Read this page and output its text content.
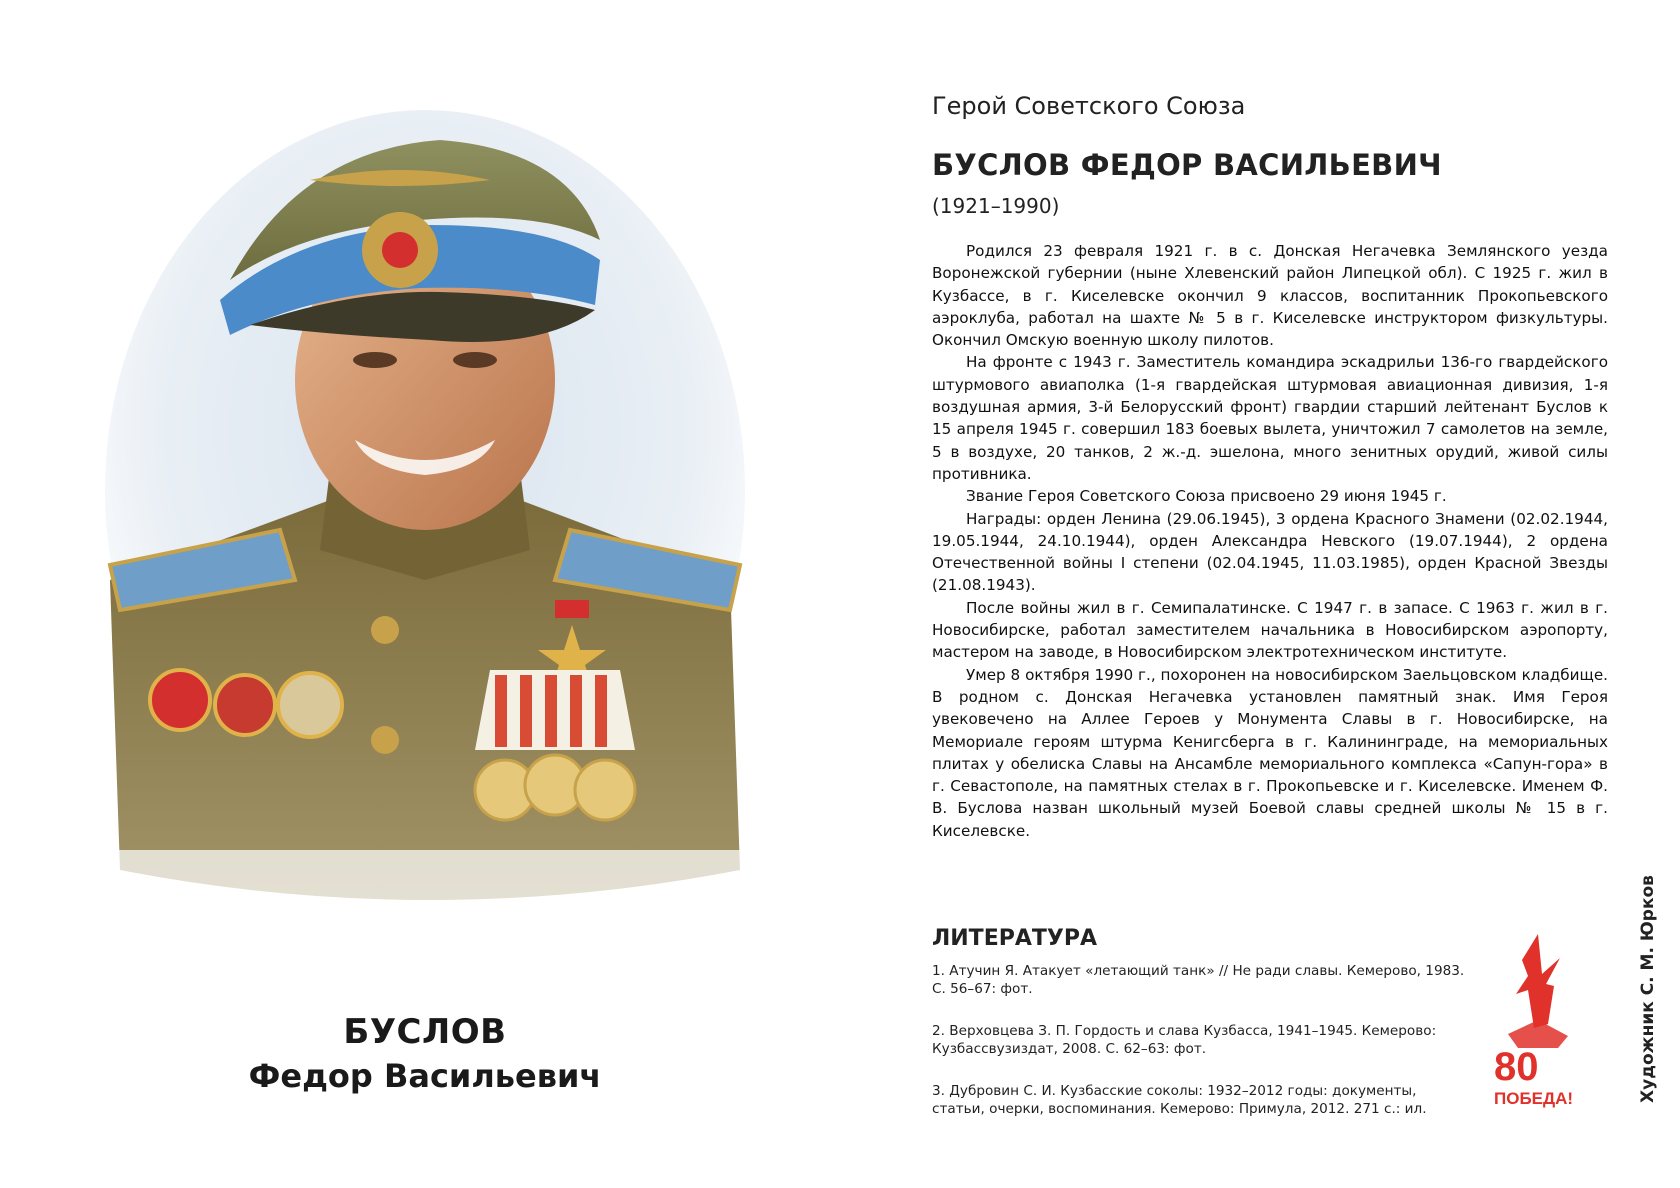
БУСЛОВ
Федор Васильевич
Герой Советского Союза
БУСЛОВ ФЕДОР ВАСИЛЬЕВИЧ
(1921–1990)

Родился 23 февраля 1921 г. в с. Донская Негачевка Землянского уезда Воронежской губернии (ныне Хлевенский район Липецкой обл). С 1925 г. жил в Кузбассе, в г. Киселевске окончил 9 классов, воспитанник Прокопьевского аэроклуба, работал на шахте № 5 в г. Киселевске инструктором физкультуры. Окончил Омскую военную школу пилотов.

На фронте с 1943 г. Заместитель командира эскадрильи 136-го гвардейского штурмового авиаполка (1-я гвардейская штурмовая авиационная дивизия, 1-я воздушная армия, 3-й Белорусский фронт) гвардии старший лейтенант Буслов к 15 апреля 1945 г. совершил 183 боевых вылета, уничтожил 7 самолетов на земле, 5 в воздухе, 20 танков, 2 ж.-д. эшелона, много зенитных орудий, живой силы противника.

Звание Героя Советского Союза присвоено 29 июня 1945 г.

Награды: орден Ленина (29.06.1945), 3 ордена Красного Знамени (02.02.1944, 19.05.1944, 24.10.1944), орден Александра Невского (19.07.1944), 2 ордена Отечественной войны I степени (02.04.1945, 11.03.1985), орден Красной Звезды (21.08.1943).

После войны жил в г. Семипалатинске. С 1947 г. в запасе. С 1963 г. жил в г. Новосибирске, работал заместителем начальника в Новосибирском аэропорту, мастером на заводе, в Новосибирском электротехническом институте.

Умер 8 октября 1990 г., похоронен на новосибирском Заельцовском кладбище. В родном с. Донская Негачевка установлен памятный знак. Имя Героя увековечено на Аллее Героев у Монумента Славы в г. Новосибирске, на Мемориале героям штурма Кенигсберга в г. Калининграде, на мемориальных плитах у обелиска Славы на Ансамбле мемориального комплекса «Сапун-гора» в г. Севастополе, на памятных стелах в г. Прокопьевске и г. Киселевске. Именем Ф. В. Буслова назван школьный музей Боевой славы средней школы № 15 в г. Киселевске.

ЛИТЕРАТУРА
1. Атучин Я. Атакует «летающий танк» // Не ради славы. Кемерово, 1983. С. 56–67: фот.
2. Верховцева З. П. Гордость и слава Кузбасса, 1941–1945. Кемерово: Кузбассвузиздат, 2008. С. 62–63: фот.
3. Дубровин С. И. Кузбасские соколы: 1932–2012 годы: документы, статьи, очерки, воспоминания. Кемерово: Примула, 2012. 271 с.: ил.
80
ПОБЕДА!	Художник С. М. Юрков
